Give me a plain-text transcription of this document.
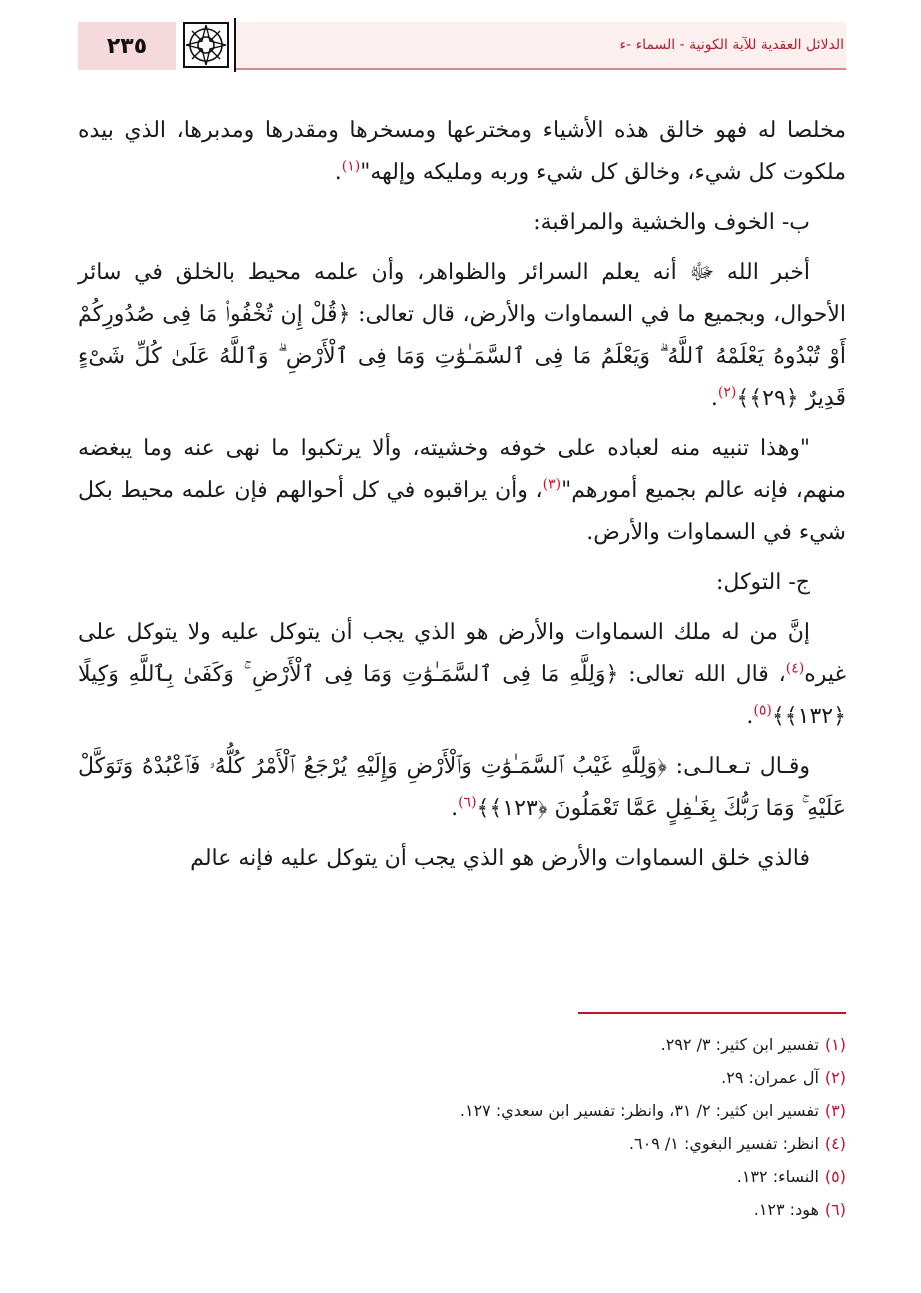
٢٣٥	الدلائل العقدية للآية الكونية - السماء -ﺀ

مخلصا له فهو خالق هذه الأشياء ومخترعها ومسخرها ومقدرها ومدبرها، الذي بيده ملكوت كل شيء، وخالق كل شيء وربه ومليكه وإلهه"$^{(١)}$.

ب- الخوف والخشية والمراقبة:

أخبر الله ﷻ أنه يعلم السرائر والظواهر، وأن علمه محيط بالخلق في سائر الأحوال، وبجميع ما في السماوات والأرض، قال تعالى: ﴿قُلْ إِن تُخْفُوا۟ مَا فِى صُدُورِكُمْ أَوْ تُبْدُوهُ يَعْلَمْهُ ٱللَّهُ ۗ وَيَعْلَمُ مَا فِى ٱلسَّمَـٰوَٰتِ وَمَا فِى ٱلْأَرْضِ ۗ وَٱللَّهُ عَلَىٰ كُلِّ شَىْءٍ قَدِيرٌ ﴿٢٩﴾﴾$^{(٢)}$.

"وهذا تنبيه منه لعباده على خوفه وخشيته، وألا يرتكبوا ما نهى عنه وما يبغضه منهم، فإنه عالم بجميع أمورهم"$^{(٣)}$، وأن يراقبوه في كل أحوالهم فإن علمه محيط بكل شيء في السماوات والأرض.

ج- التوكل:

إنَّ من له ملك السماوات والأرض هو الذي يجب أن يتوكل عليه ولا يتوكل على غيره$^{(٤)}$، قال الله تعالى: ﴿وَلِلَّهِ مَا فِى ٱلسَّمَـٰوَٰتِ وَمَا فِى ٱلْأَرْضِ ۚ وَكَفَىٰ بِٱللَّهِ وَكِيلًا ﴿١٣٢﴾﴾$^{(٥)}$.

وقـال تـعـالـى: ﴿وَلِلَّهِ غَيْبُ ٱلسَّمَـٰوَٰتِ وَٱلْأَرْضِ وَإِلَيْهِ يُرْجَعُ ٱلْأَمْرُ كُلُّهُۥ فَٱعْبُدْهُ وَتَوَكَّلْ عَلَيْهِ ۚ وَمَا رَبُّكَ بِغَـٰفِلٍ عَمَّا تَعْمَلُونَ ﴿١٢٣﴾﴾$^{(٦)}$.

فالذي خلق السماوات والأرض هو الذي يجب أن يتوكل عليه فإنه عالم

(١)تفسير ابن كثير: ٣/ ٢٩٢.

(٢)آل عمران: ٢٩.

(٣)تفسير ابن كثير: ٢/ ٣١، وانظر: تفسير ابن سعدي: ١٢٧.

(٤)انظر: تفسير البغوي: ١/ ٦٠٩.

(٥)النساء: ١٣٢.

(٦)هود: ١٢٣.
